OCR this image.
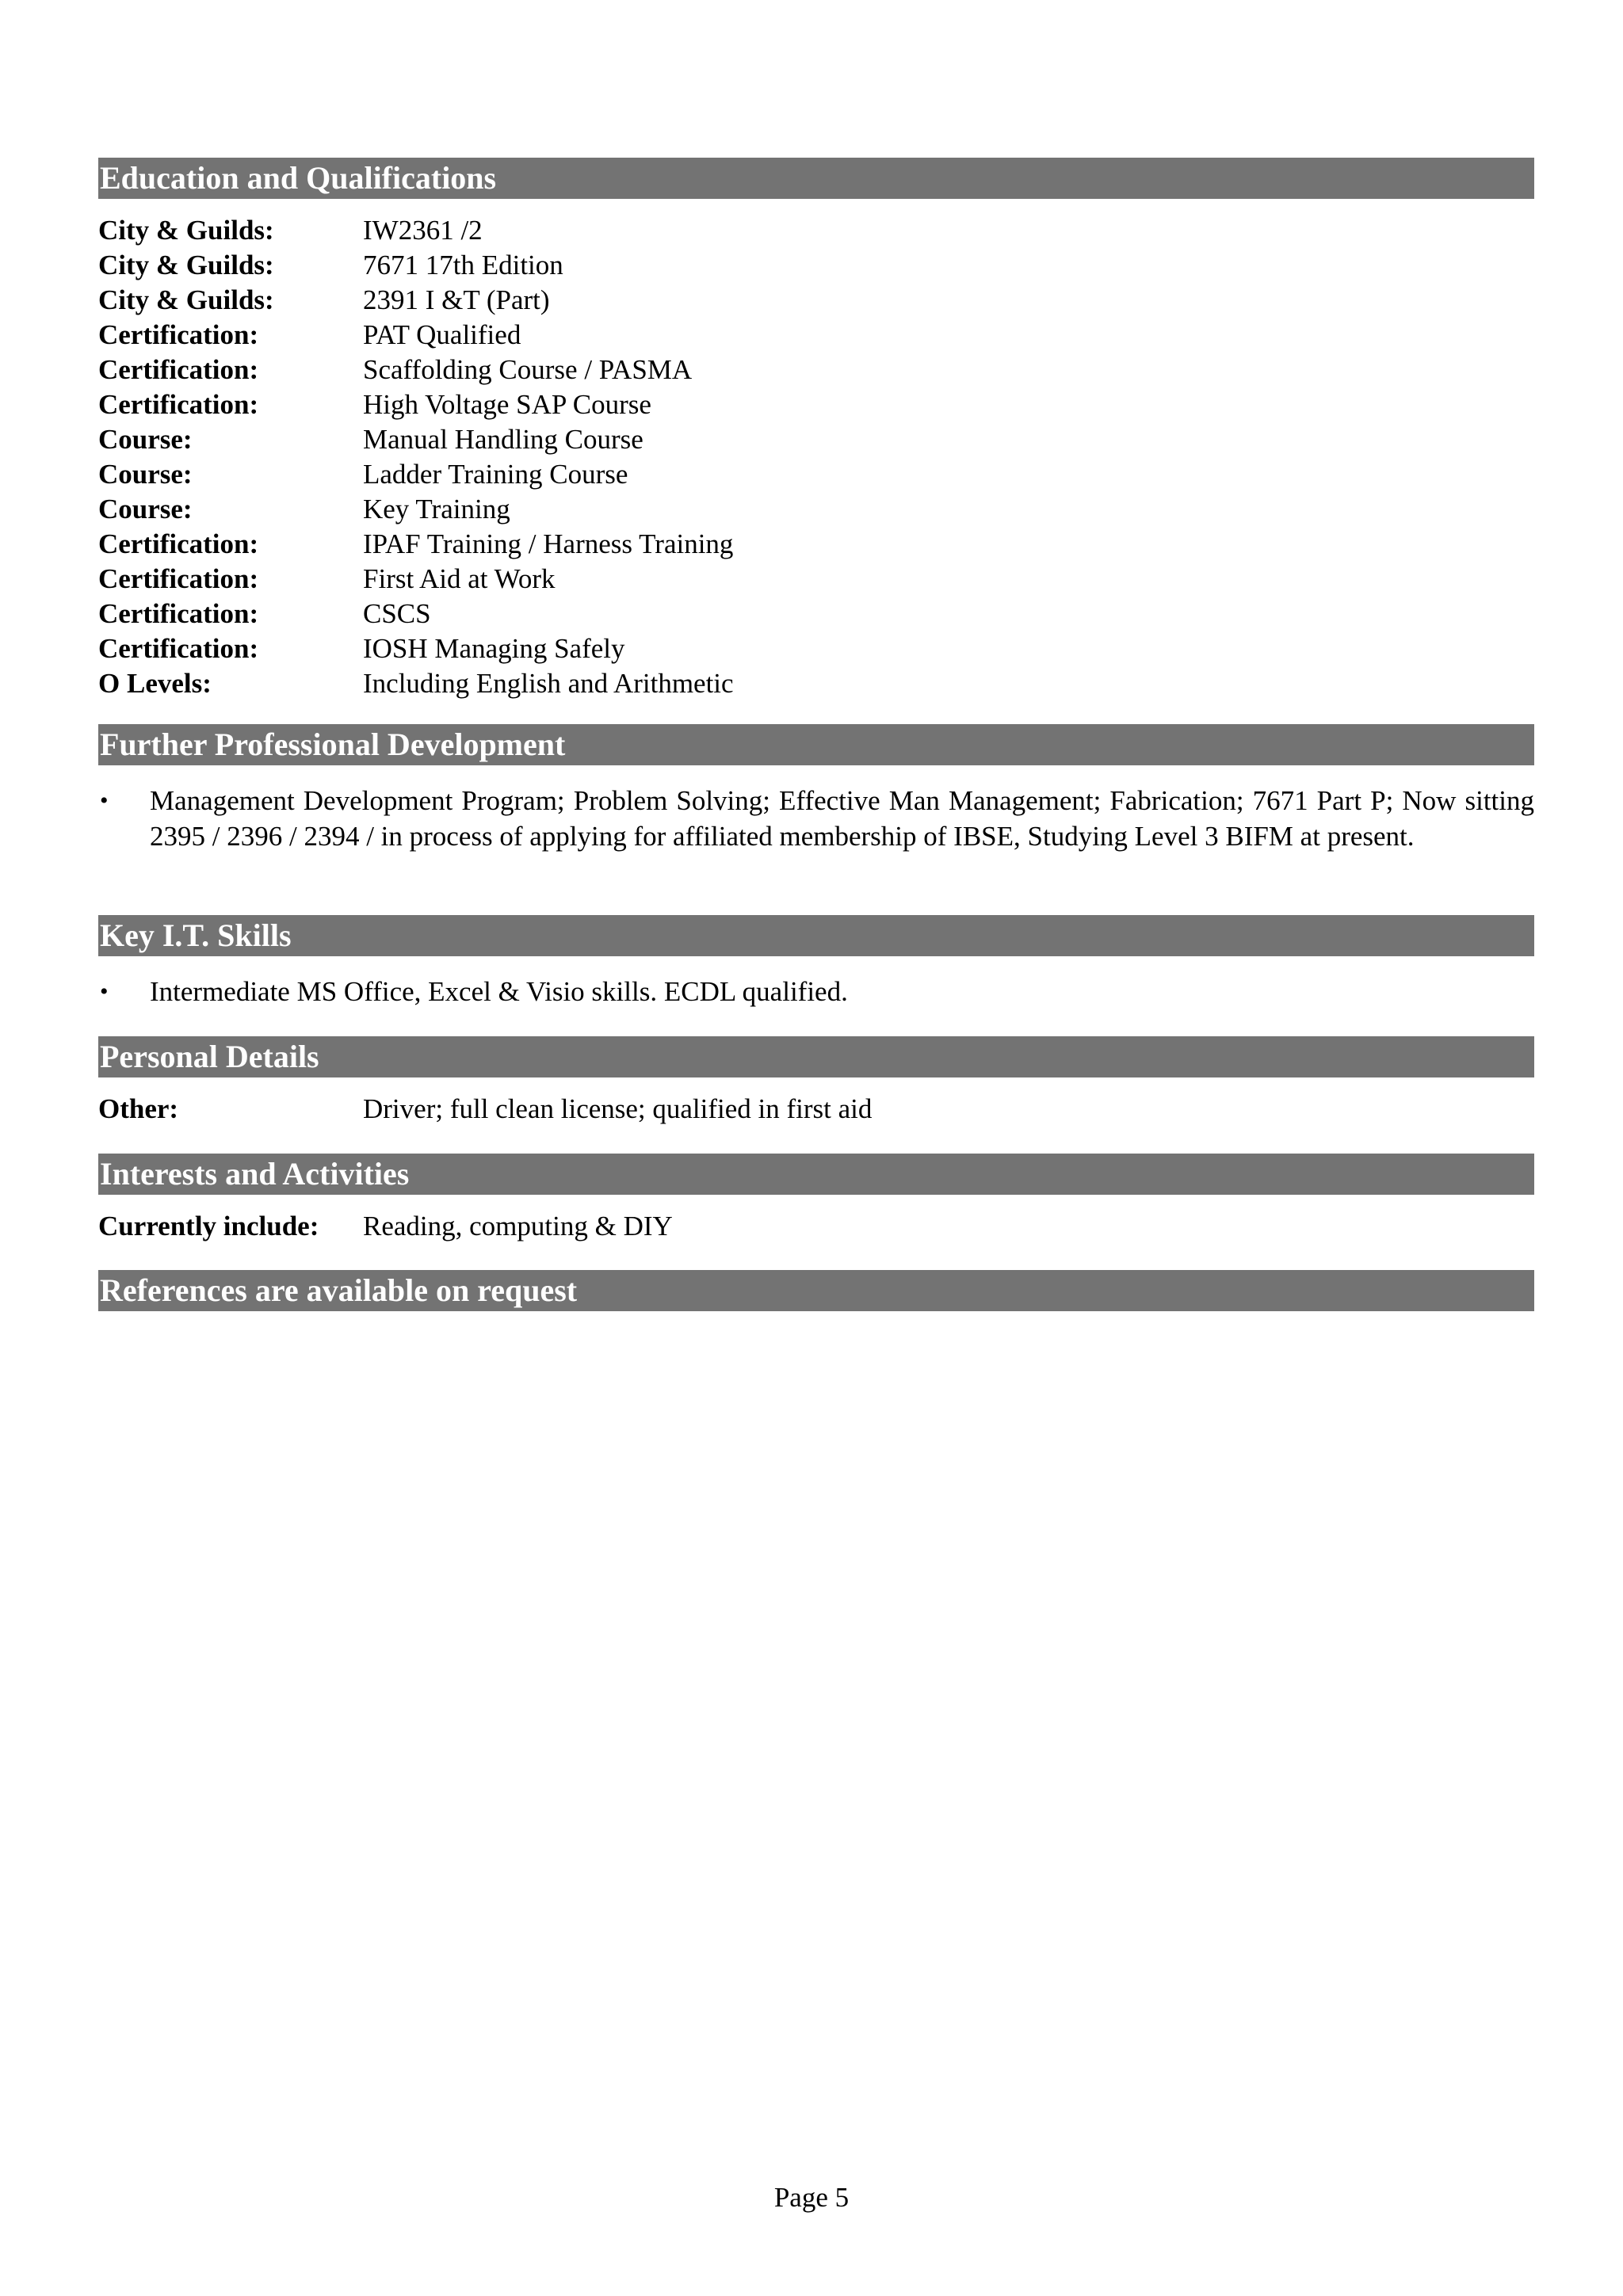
Education and Qualifications
City & Guilds:	IW2361 /2
City & Guilds:	7671 17th Edition
City & Guilds:	2391 I &T (Part)
Certification:	PAT Qualified
Certification:	Scaffolding Course / PASMA
Certification:	High Voltage SAP Course
Course:	Manual Handling Course
Course:	Ladder Training Course
Course:	Key Training
Certification:	IPAF Training / Harness Training
Certification:	First Aid at Work
Certification:	CSCS
Certification:	IOSH Managing Safely
O Levels:	Including English and Arithmetic
Further Professional Development
•	Management Development Program; Problem Solving; Effective Man Management; Fabrication; 7671 Part P; Now sitting 2395 / 2396 / 2394 / in process of applying for affiliated membership of IBSE, Studying Level 3 BIFM at present.
Key I.T. Skills
•	Intermediate MS Office, Excel & Visio skills. ECDL qualified.
Personal Details
Other:	Driver; full clean license; qualified in first aid
Interests and Activities
Currently include:	Reading, computing & DIY
References are available on request
Page 5
